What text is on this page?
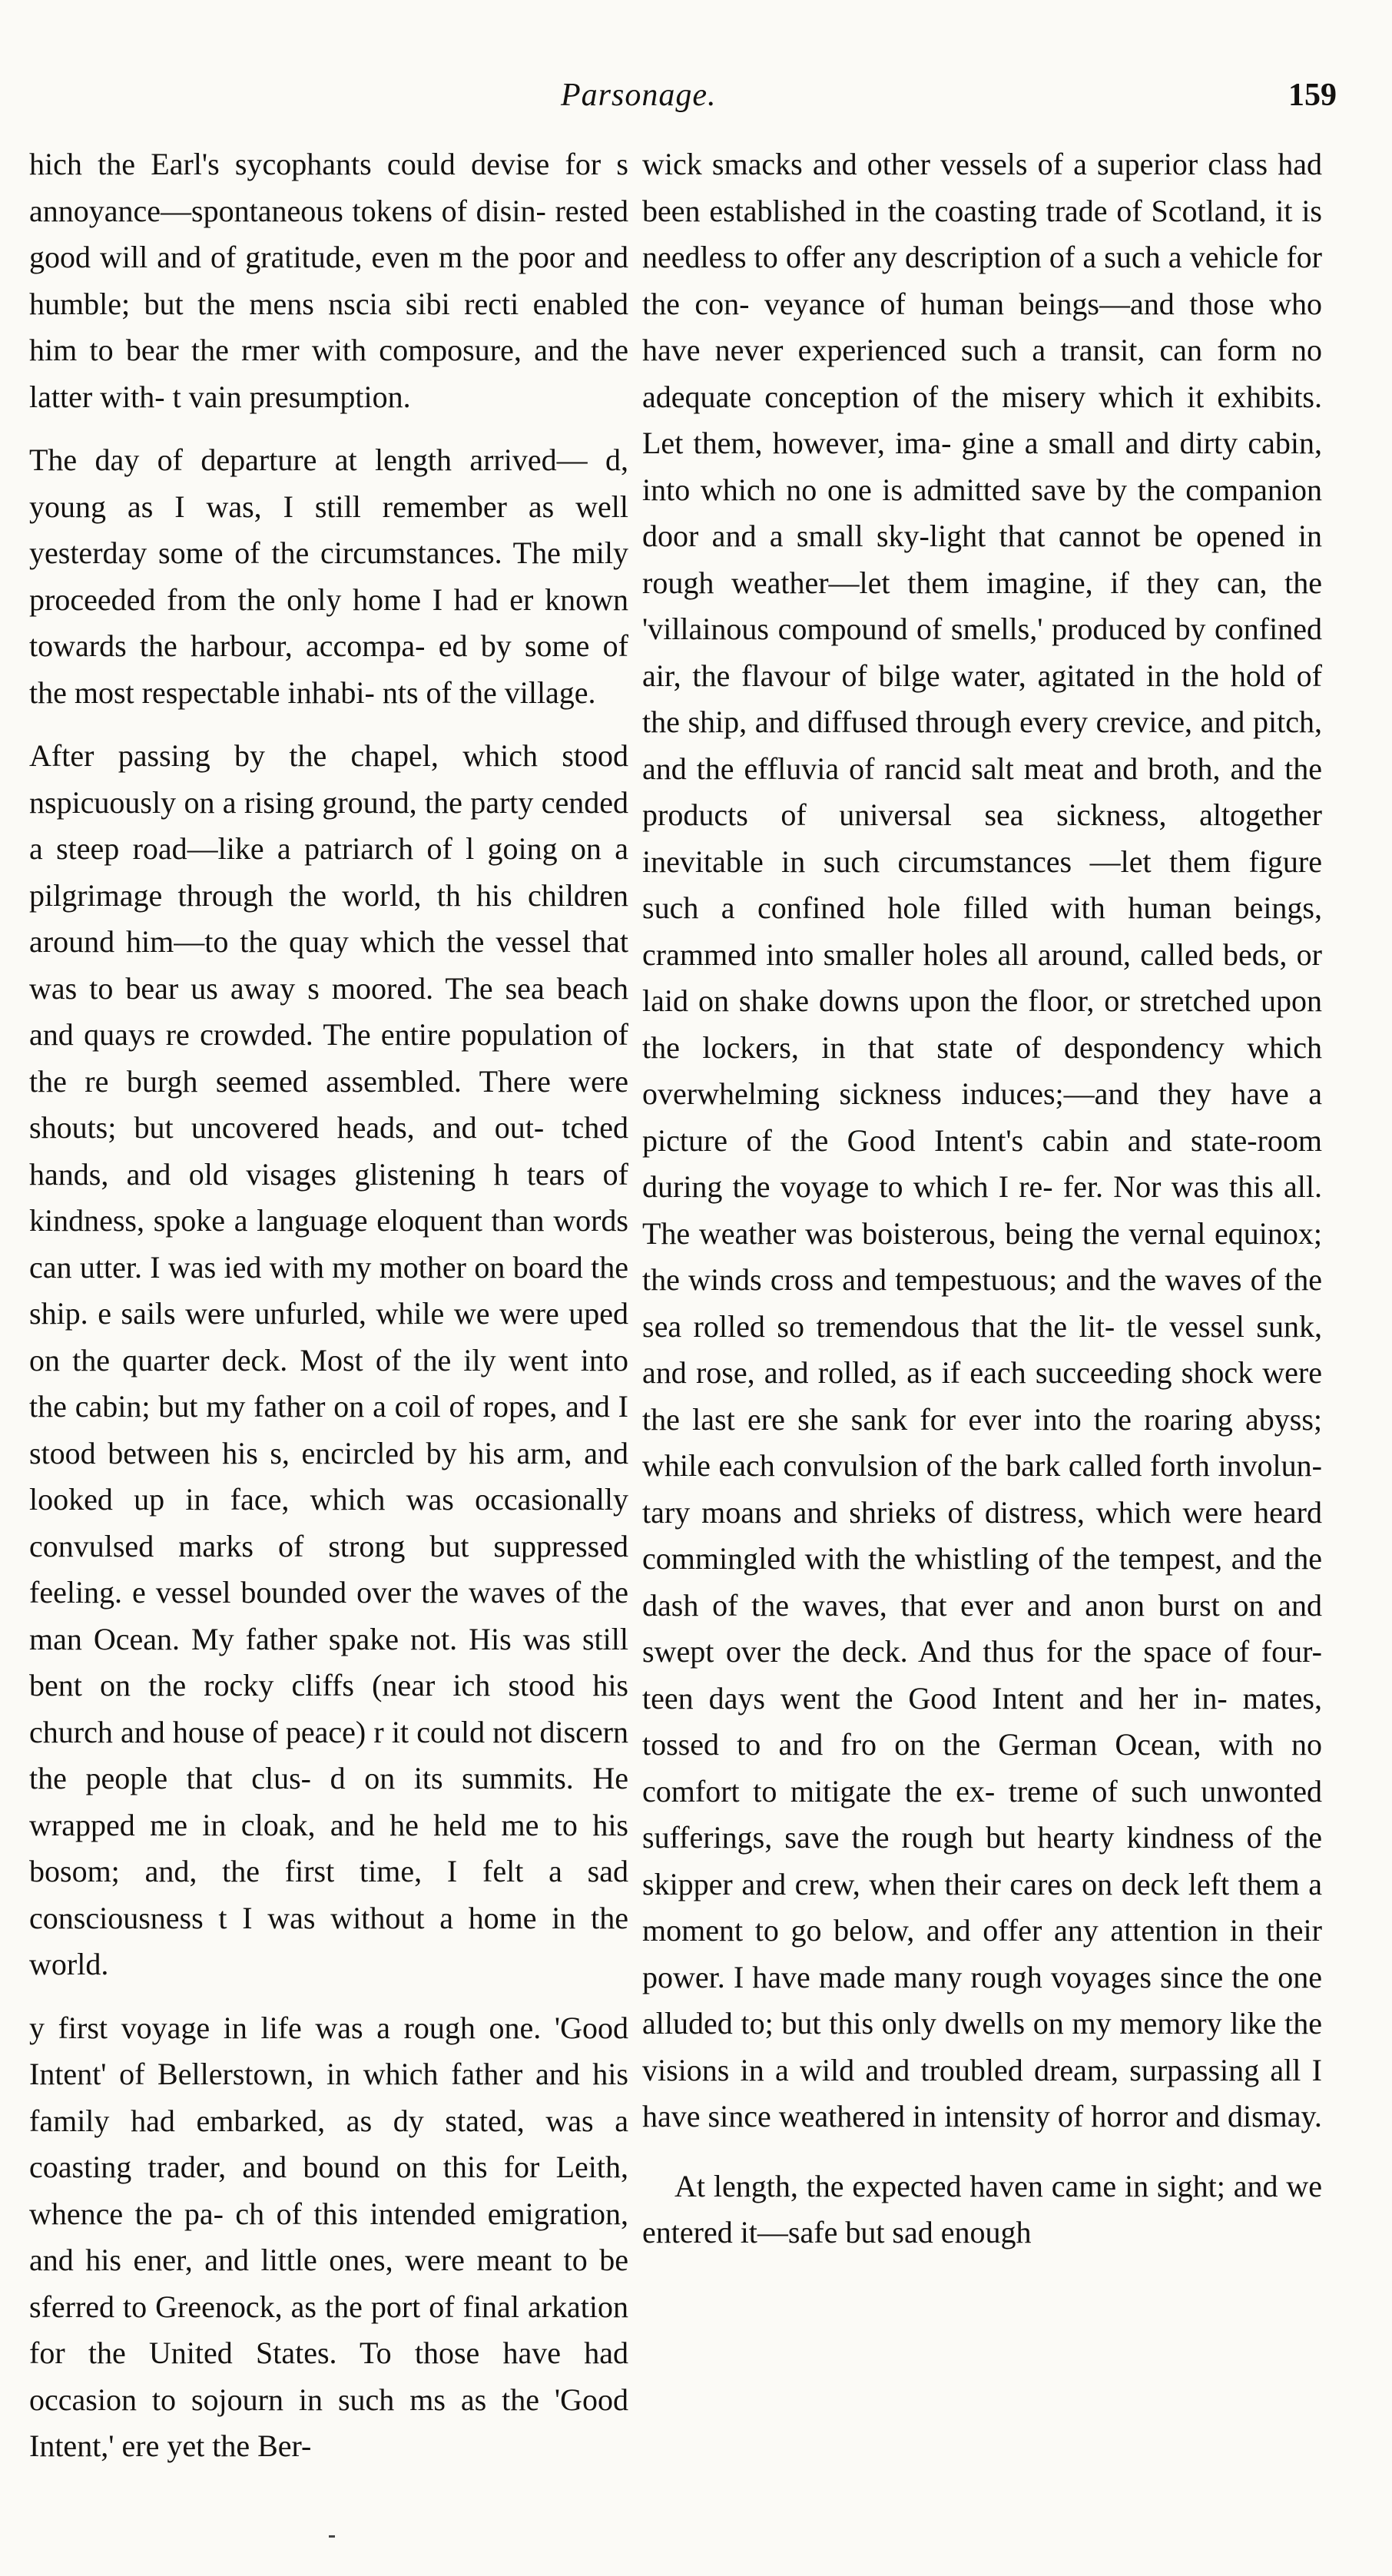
Parsonage.	159

hich the Earl's sycophants could devise for s annoyance—spontaneous tokens of disin- rested good will and of gratitude, even m the poor and humble; but the mens nscia sibi recti enabled him to bear the rmer with composure, and the latter with- t vain presumption.

The day of departure at length arrived— d, young as I was, I still remember as well yesterday some of the circumstances. The mily proceeded from the only home I had er known towards the harbour, accompa- ed by some of the most respectable inhabi- nts of the village.

After passing by the chapel, which stood nspicuously on a rising ground, the party cended a steep road—like a patriarch of l going on a pilgrimage through the world, th his children around him—to the quay which the vessel that was to bear us away s moored. The sea beach and quays re crowded. The entire population of the re burgh seemed assembled. There were shouts; but uncovered heads, and out- tched hands, and old visages glistening h tears of kindness, spoke a language eloquent than words can utter. I was ied with my mother on board the ship. e sails were unfurled, while we were uped on the quarter deck. Most of the ily went into the cabin; but my father on a coil of ropes, and I stood between his s, encircled by his arm, and looked up in face, which was occasionally convulsed marks of strong but suppressed feeling. e vessel bounded over the waves of the man Ocean. My father spake not. His was still bent on the rocky cliffs (near ich stood his church and house of peace) r it could not discern the people that clus- d on its summits. He wrapped me in cloak, and he held me to his bosom; and, the first time, I felt a sad consciousness t I was without a home in the world.

y first voyage in life was a rough one. 'Good Intent' of Bellerstown, in which father and his family had embarked, as dy stated, was a coasting trader, and bound on this for Leith, whence the pa- ch of this intended emigration, and his ener, and little ones, were meant to be sferred to Greenock, as the port of final arkation for the United States. To those have had occasion to sojourn in such ms as the 'Good Intent,' ere yet the Ber-

wick smacks and other vessels of a superior class had been established in the coasting trade of Scotland, it is needless to offer any description of a such a vehicle for the con- veyance of human beings—and those who have never experienced such a transit, can form no adequate conception of the misery which it exhibits. Let them, however, ima- gine a small and dirty cabin, into which no one is admitted save by the companion door and a small sky-light that cannot be opened in rough weather—let them imagine, if they can, the 'villainous compound of smells,' produced by confined air, the flavour of bilge water, agitated in the hold of the ship, and diffused through every crevice, and pitch, and the effluvia of rancid salt meat and broth, and the products of universal sea sickness, altogether inevitable in such circumstances —let them figure such a confined hole filled with human beings, crammed into smaller holes all around, called beds, or laid on shake downs upon the floor, or stretched upon the lockers, in that state of despondency which overwhelming sickness induces;—and they have a picture of the Good Intent's cabin and state-room during the voyage to which I re- fer. Nor was this all. The weather was boisterous, being the vernal equinox; the winds cross and tempestuous; and the waves of the sea rolled so tremendous that the lit- tle vessel sunk, and rose, and rolled, as if each succeeding shock were the last ere she sank for ever into the roaring abyss; while each convulsion of the bark called forth involun- tary moans and shrieks of distress, which were heard commingled with the whistling of the tempest, and the dash of the waves, that ever and anon burst on and swept over the deck. And thus for the space of four- teen days went the Good Intent and her in- mates, tossed to and fro on the German Ocean, with no comfort to mitigate the ex- treme of such unwonted sufferings, save the rough but hearty kindness of the skipper and crew, when their cares on deck left them a moment to go below, and offer any attention in their power. I have made many rough voyages since the one alluded to; but this only dwells on my memory like the visions in a wild and troubled dream, surpassing all I have since weathered in intensity of horror and dismay.

At length, the expected haven came in sight; and we entered it—safe but sad enough
